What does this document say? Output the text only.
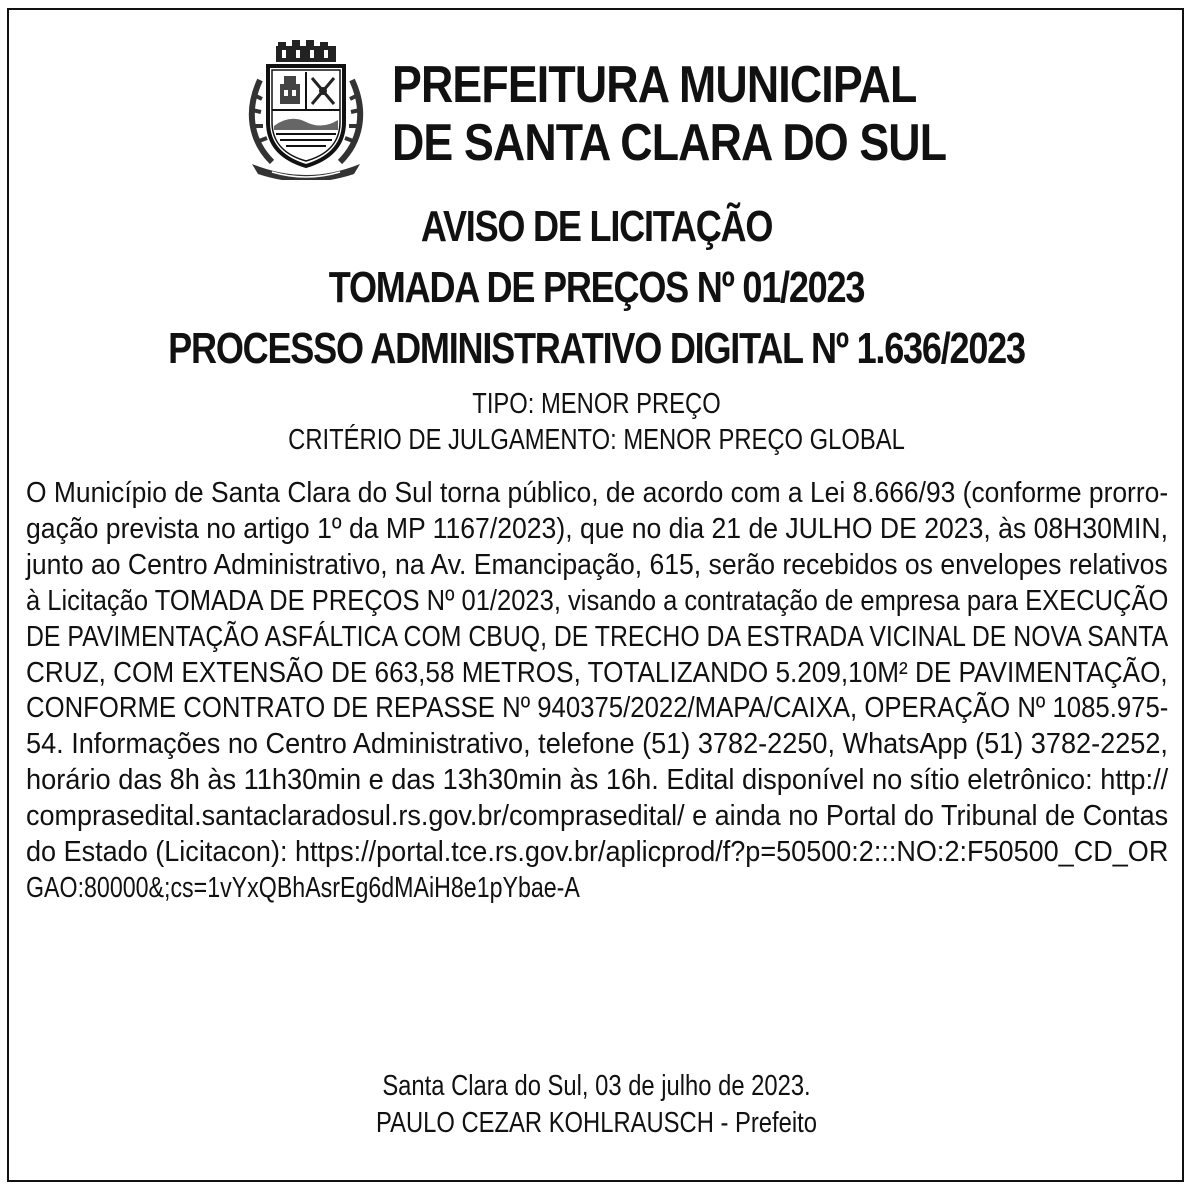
PREFEITURA MUNICIPAL
DE SANTA CLARA DO SUL
AVISO DE LICITAÇÃO
TOMADA DE PREÇOS Nº 01/2023
PROCESSO ADMINISTRATIVO DIGITAL Nº 1.636/2023
TIPO: MENOR PREÇO
CRITÉRIO DE JULGAMENTO: MENOR PREÇO GLOBAL
O Município de Santa Clara do Sul torna público, de acordo com a Lei 8.666/93 (conforme prorro-
gação prevista no artigo 1º da MP 1167/2023), que no dia 21 de JULHO DE 2023, às 08H30MIN,
junto ao Centro Administrativo, na Av. Emancipação, 615, serão recebidos os envelopes relativos
à Licitação TOMADA DE PREÇOS Nº 01/2023, visando a contratação de empresa para EXECUÇÃO
DE PAVIMENTAÇÃO ASFÁLTICA COM CBUQ, DE TRECHO DA ESTRADA VICINAL DE NOVA SANTA
CRUZ, COM EXTENSÃO DE 663,58 METROS, TOTALIZANDO 5.209,10M² DE PAVIMENTAÇÃO,
CONFORME CONTRATO DE REPASSE Nº 940375/2022/MAPA/CAIXA, OPERAÇÃO Nº 1085.975-
54. Informações no Centro Administrativo, telefone (51) 3782-2250, WhatsApp (51) 3782-2252,
horário das 8h às 11h30min e das 13h30min às 16h. Edital disponível no sítio eletrônico: http://
comprasedital.santaclaradosul.rs.gov.br/comprasedital/ e ainda no Portal do Tribunal de Contas
do Estado (Licitacon): https://portal.tce.rs.gov.br/aplicprod/f?p=50500:2:::NO:2:F50500_CD_OR
GAO:80000&;cs=1vYxQBhAsrEg6dMAiH8e1pYbae-A
Santa Clara do Sul, 03 de julho de 2023.
PAULO CEZAR KOHLRAUSCH - Prefeito
